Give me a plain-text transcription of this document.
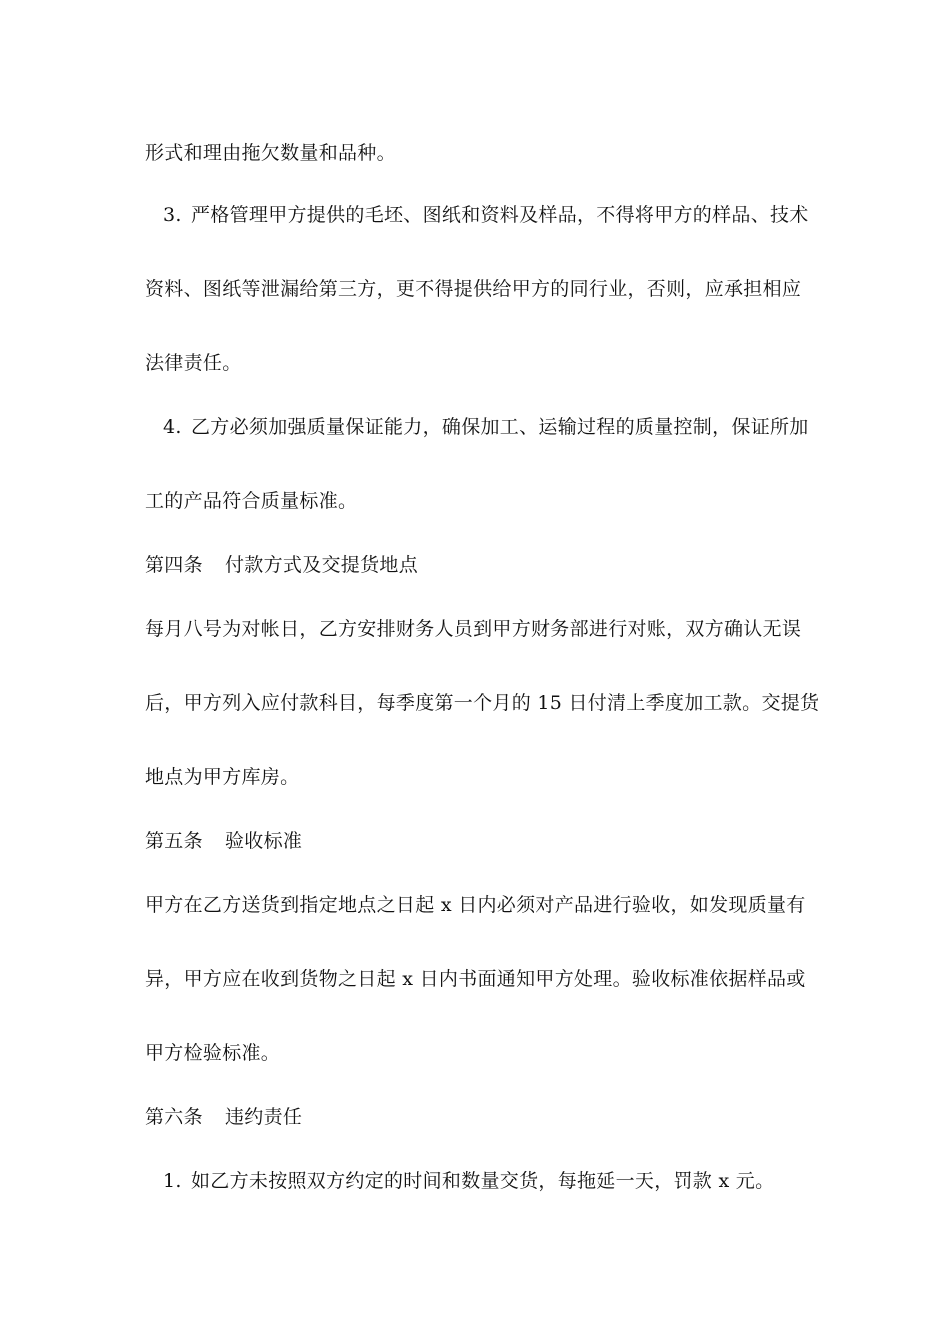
形式和理由拖欠数量和品种。
3. 严格管理甲方提供的毛坯、图纸和资料及样品，不得将甲方的样品、技术
资料、图纸等泄漏给第三方，更不得提供给甲方的同行业，否则，应承担相应
法律责任。
4. 乙方必须加强质量保证能力，确保加工、运输过程的质量控制，保证所加
工的产品符合质量标准。
第四条 付款方式及交提货地点
每月八号为对帐日，乙方安排财务人员到甲方财务部进行对账，双方确认无误
后，甲方列入应付款科目，每季度第一个月的 15 日付清上季度加工款。交提货
地点为甲方库房。
第五条 验收标准
甲方在乙方送货到指定地点之日起 x 日内必须对产品进行验收，如发现质量有
异，甲方应在收到货物之日起 x 日内书面通知甲方处理。验收标准依据样品或
甲方检验标准。
第六条 违约责任
1. 如乙方未按照双方约定的时间和数量交货，每拖延一天，罚款 x 元。
